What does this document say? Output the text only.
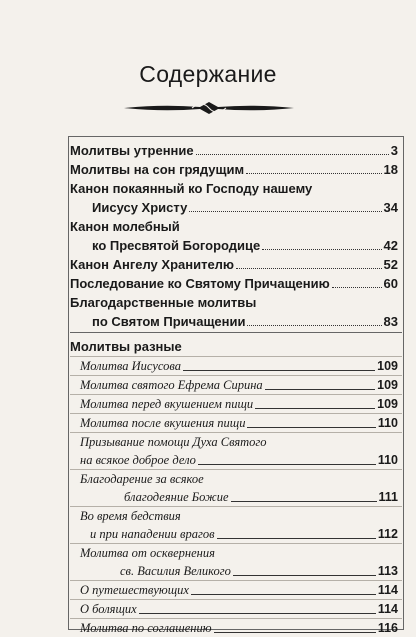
Содержание
Молитвы утренние	3
Молитвы на сон грядущим	18
Канон покаянный ко Господу нашему
Иисусу Христу	34
Канон молебный
ко Пресвятой Богородице	42
Канон Ангелу Хранителю	52
Последование ко Святому Причащению	60
Благодарственные молитвы
по Святом Причащении	83
Молитвы разные
Молитва Иисусова	109
Молитва святого Ефрема Сирина	109
Молитва перед вкушением пищи	109
Молитва после вкушения пищи	110
Призывание помощи Духа Святого
на всякое доброе дело	110
Благодарение за всякое
благодеяние Божие	111
Во время бедствия
и при нападении врагов	112
Молитва от осквернения
св. Василия Великого	113
О путешествующих	114
О болящих	114
Молитва по соглашению	116
